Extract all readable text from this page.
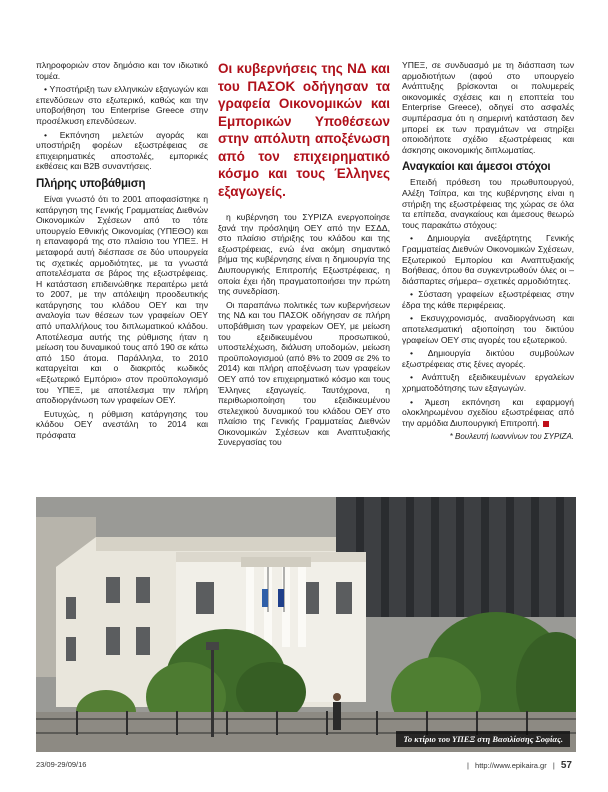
πληροφοριών στον δημόσιο και τον ιδιωτικό τομέα.

• Υποστήριξη των ελληνικών εξαγωγών και επενδύσεων στο εξωτερικό, καθώς και την υποβοήθηση του Enterprise Greece στην προσέλκυση επενδύσεων.

• Εκπόνηση μελετών αγοράς και υποστήριξη φορέων εξωστρέφειας σε επιχειρηματικές αποστολές, εμπορικές εκθέσεις και B2B συναντήσεις.

Πλήρης υποβάθμιση

Είναι γνωστό ότι το 2001 αποφασίστηκε η κατάργηση της Γενικής Γραμματείας Διεθνών Οικονομικών Σχέσεων από το τότε υπουργείο Εθνικής Οικονομίας (ΥΠΕΘΟ) και η επαναφορά της στο πλαίσιο του ΥΠΕΞ. Η μεταφορά αυτή διέσπασε σε δύο υπουργεία τις σχετικές αρμοδιότητες, με τα γνωστά αποτελέσματα σε βάρος της εξωστρέφειας. Η κατάσταση επιδεινώθηκε περαιτέρω μετά το 2007, με την απόλειψη προοδευτικής κατάργησης του κλάδου ΟΕΥ και την αναλογία των θέσεων των γραφείων ΟΕΥ από υπαλλήλους του διπλωματικού κλάδου. Αποτέλεσμα αυτής της ρύθμισης ήταν η μείωση του δυναμικού τους από 190 σε κάτω από 150 άτομα. Παράλληλα, το 2010 καταργείται και ο διακριτός κωδικός «Εξωτερικό Εμπόριο» στον προϋπολογισμό του ΥΠΕΞ, με αποτέλεσμα την πλήρη αποδιοργάνωση των γραφείων ΟΕΥ.

Ευτυχώς, η ρύθμιση κατάργησης του κλάδου ΟΕΥ ανεστάλη το 2014 και πρόσφατα

Οι κυβερνήσεις της ΝΔ και του ΠΑΣΟΚ οδήγησαν τα γραφεία Οικονομικών και Εμπορικών Υποθέσεων στην απόλυτη αποξένωση από τον επιχειρηματικό κόσμο και τους Έλληνες εξαγωγείς.

η κυβέρνηση του ΣΥΡΙΖΑ ενεργοποίησε ξανά την πρόσληψη ΟΕΥ από την ΕΣΔΔ, στο πλαίσιο στήριξης του κλάδου και της εξωστρέφειας, ενώ ένα ακόμη σημαντικό βήμα της κυβέρνησης είναι η δημιουργία της Διυπουργικής Επιτροπής Εξωστρέφειας, η οποία έχει ήδη πραγματοποιήσει την πρώτη της συνεδρίαση.

Οι παραπάνω πολιτικές των κυβερνήσεων της ΝΔ και του ΠΑΣΟΚ οδήγησαν σε πλήρη υποβάθμιση των γραφείων ΟΕΥ, με μείωση του εξειδικευμένου προσωπικού, υποστελέχωση, διάλυση υποδομών, μείωση προϋπολογισμού (από 8% το 2009 σε 2% το 2014) και πλήρη αποξένωση των γραφείων ΟΕΥ από τον επιχειρηματικό κόσμο και τους Έλληνες εξαγωγείς. Ταυτόχρονα, η περιθωριοποίηση του εξειδικευμένου στελεχικού δυναμικού του κλάδου ΟΕΥ στο πλαίσιο της Γενικής Γραμματείας Διεθνών Οικονομικών Σχέσεων και Αναπτυξιακής Συνεργασίας του

ΥΠΕΞ, σε συνδυασμό με τη διάσπαση των αρμοδιοτήτων (αφού στο υπουργείο Ανάπτυξης βρίσκονται οι πολυμερείς οικονομικές σχέσεις και η εποπτεία του Enterprise Greece), οδηγεί στο ασφαλές συμπέρασμα ότι η σημερινή κατάσταση δεν μπορεί εκ των πραγμάτων να στηρίξει οποιοδήποτε σχέδιο εξωστρέφειας και άσκησης οικονομικής διπλωματίας.

Αναγκαίοι και άμεσοι στόχοι

Επειδή πρόθεση του πρωθυπουργού, Αλέξη Τσίπρα, και της κυβέρνησης είναι η στήριξη της εξωστρέφειας της χώρας σε όλα τα επίπεδα, αναγκαίους και άμεσους θεωρώ τους παρακάτω στόχους:

• Δημιουργία ανεξάρτητης Γενικής Γραμματείας Διεθνών Οικονομικών Σχέσεων, Εξωτερικού Εμπορίου και Αναπτυξιακής Βοήθειας, όπου θα συγκεντρωθούν όλες οι –διάσπαρτες σήμερα– σχετικές αρμοδιότητες.

• Σύσταση γραφείων εξωστρέφειας στην έδρα της κάθε περιφέρειας.

• Εκσυγχρονισμός, αναδιοργάνωση και αποτελεσματική αξιοποίηση του δικτύου γραφείων ΟΕΥ στις αγορές του εξωτερικού.

• Δημιουργία δικτύου συμβούλων εξωστρέφειας στις ξένες αγορές.

• Ανάπτυξη εξειδικευμένων εργαλείων χρηματοδότησης των εξαγωγών.

• Άμεση εκπόνηση και εφαρμογή ολοκληρωμένου σχεδίου εξωστρέφειας από την αρμόδια Διυπουργική Επιτροπή.

* Βουλευτή Ιωαννίνων του ΣΥΡΙΖΑ.
Το κτίριο του ΥΠΕΞ στη Βασιλίσσης Σοφίας.
23/09-29/09/16	| http://www.epikaira.gr | 57
